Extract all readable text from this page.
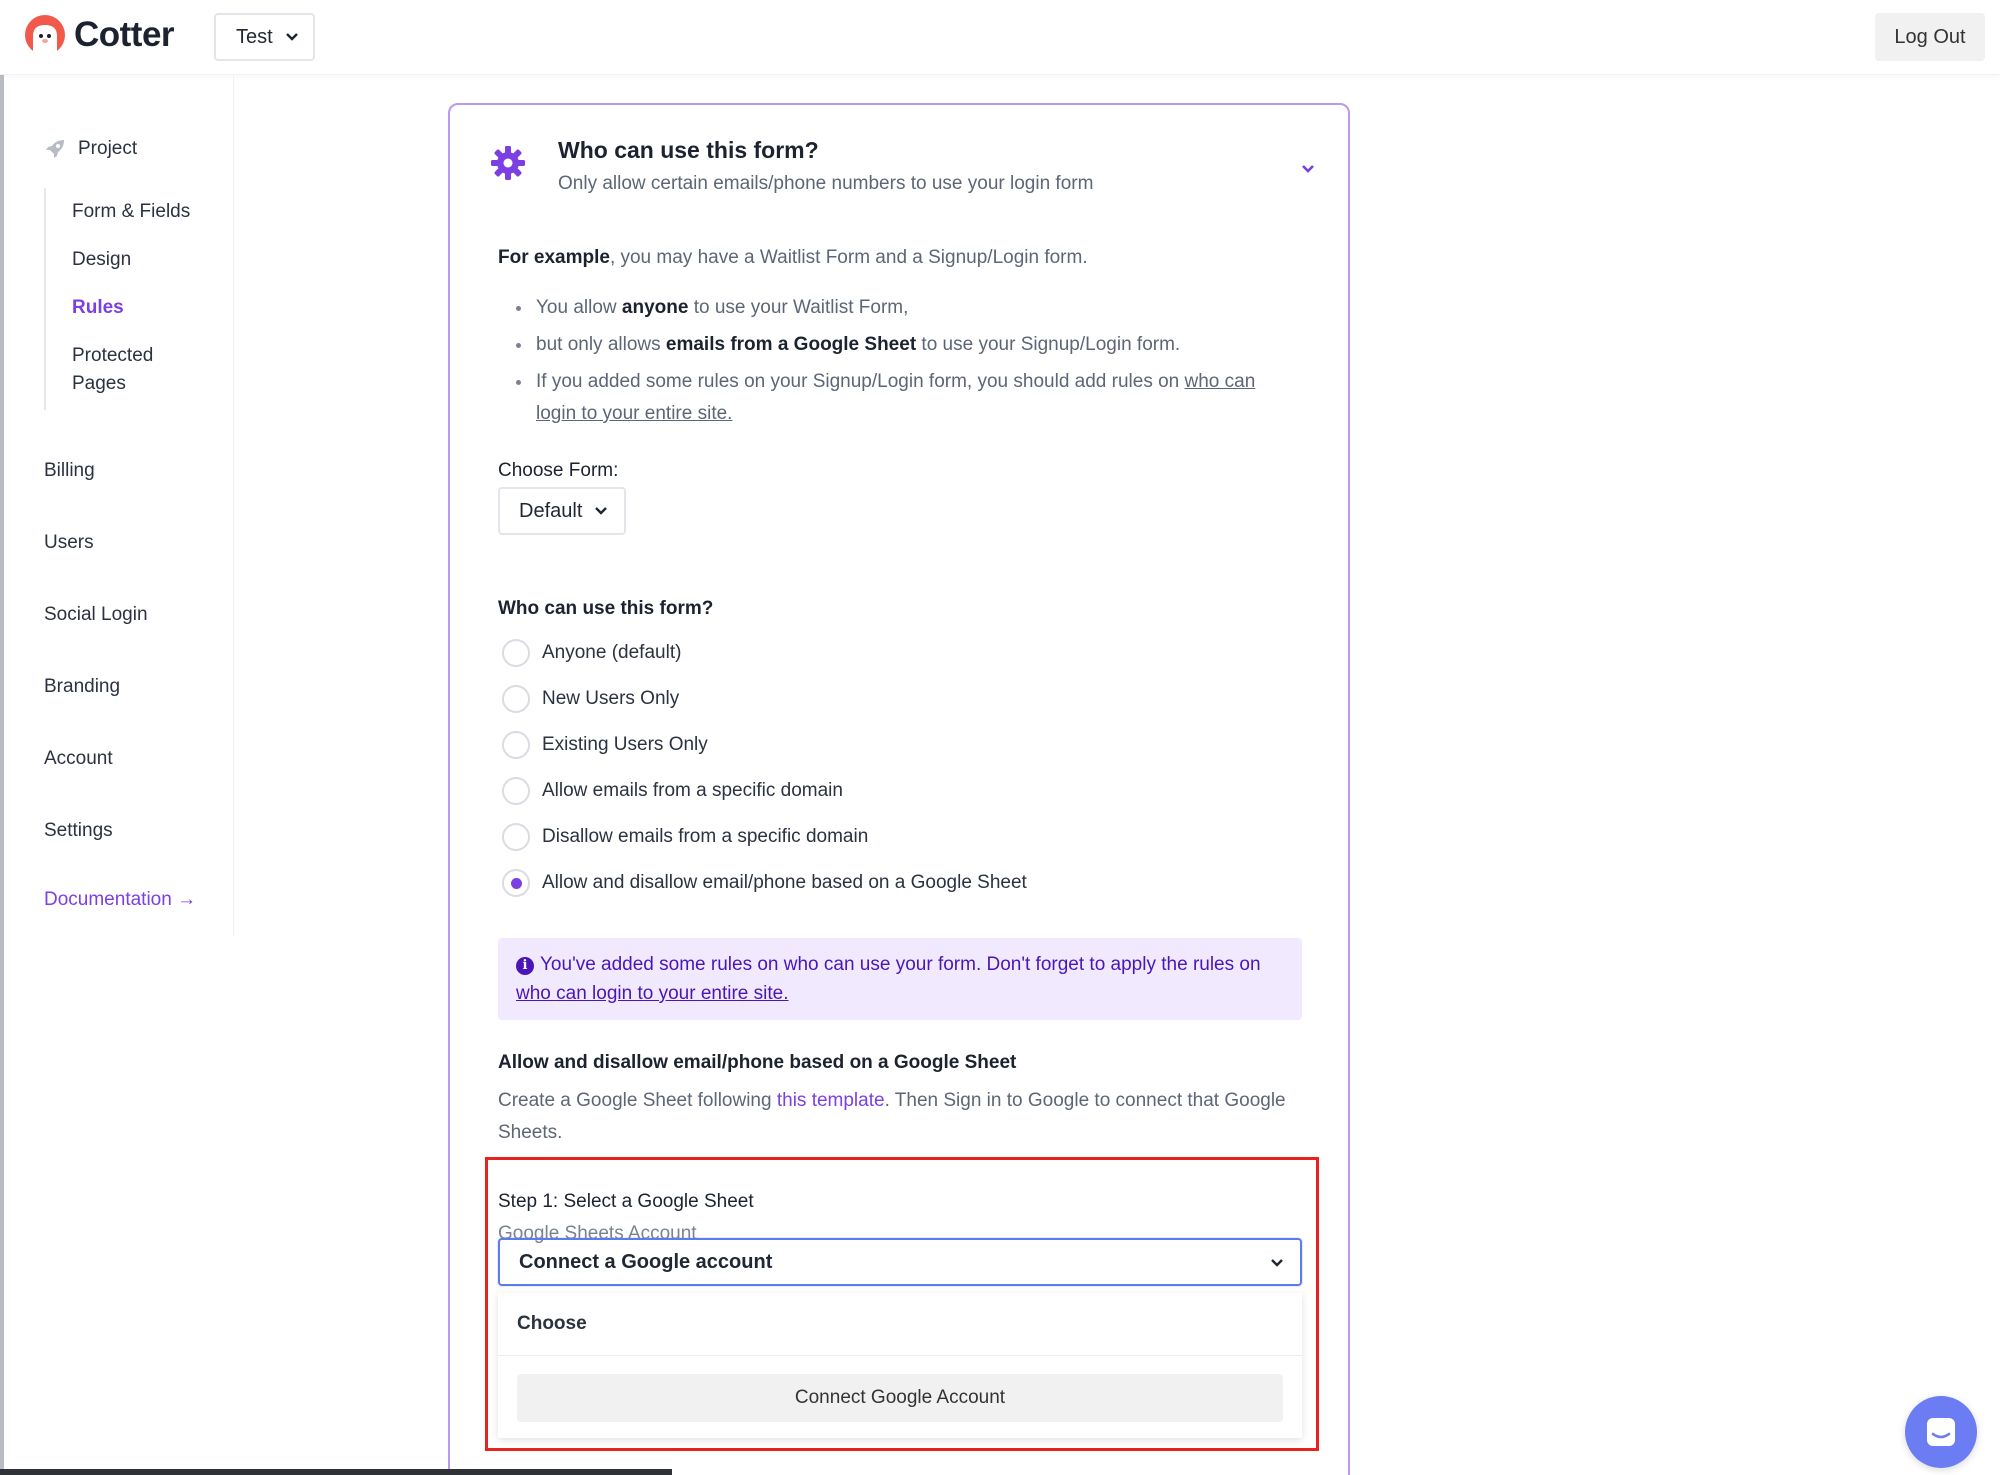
Cotter	Test	Log Out
Project
Form & Fields
Design
Rules
Protected
Pages
Billing
Users
Social Login
Branding
Account
Settings
Documentation →
Who can use this form?
Only allow certain emails/phone numbers to use your login form
For example, you may have a Waitlist Form and a Signup/Login form.
You allow anyone to use your Waitlist Form,
but only allows emails from a Google Sheet to use your Signup/Login form.
If you added some rules on your Signup/Login form, you should add rules on who can login to your entire site.
Choose Form:
Default
Who can use this form?
Anyone (default)
New Users Only
Existing Users Only
Allow emails from a specific domain
Disallow emails from a specific domain
Allow and disallow email/phone based on a Google Sheet
i You've added some rules on who can use your form. Don't forget to apply the rules on who can login to your entire site.
Allow and disallow email/phone based on a Google Sheet
Create a Google Sheet following this template. Then Sign in to Google to connect that Google Sheets.
Step 1: Select a Google Sheet
Google Sheets Account
Connect a Google account
Choose
Connect Google Account
